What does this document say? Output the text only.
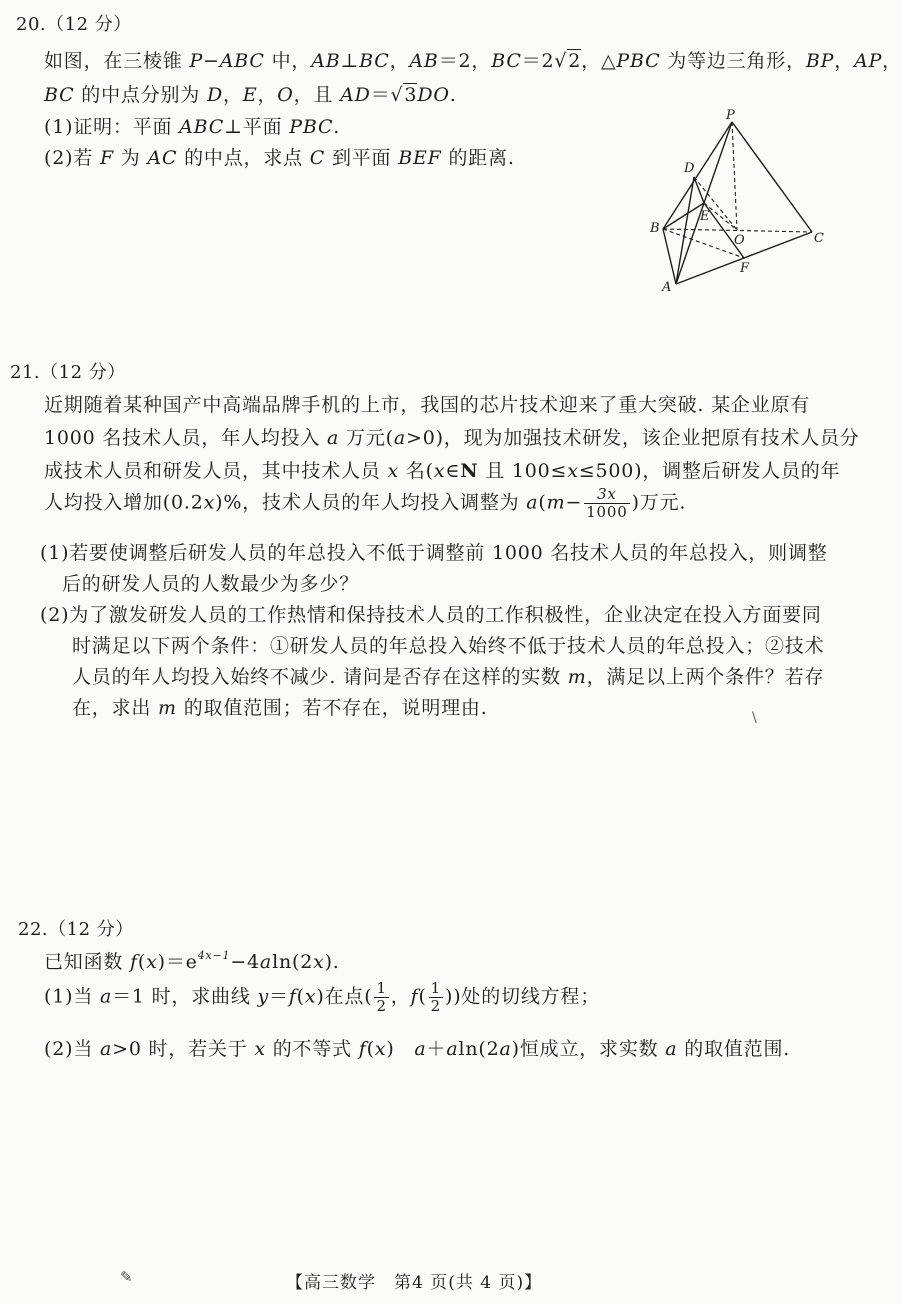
20.（12 分）
如图，在三棱锥 P−ABC 中，AB⊥BC，AB＝2，BC＝2√2，△PBC 为等边三角形，BP，AP，
BC 的中点分别为 D，E，O，且 AD＝√3DO.
(1)证明：平面 ABC⊥平面 PBC.
(2)若 F 为 AC 的中点，求点 C 到平面 BEF 的距离.
P
D
B
E
O	C
F
A
21.（12 分）
近期随着某种国产中高端品牌手机的上市，我国的芯片技术迎来了重大突破. 某企业原有
1000 名技术人员，年人均投入 a 万元(a>0)，现为加强技术研发，该企业把原有技术人员分
成技术人员和研发人员，其中技术人员 x 名(x∈N 且 100≤x≤500)，调整后研发人员的年
人均投入增加(0.2x)%，技术人员的年人均投入调整为 $a(m- \frac{3x}{1000}$ )万元.
(1)若要使调整后研发人员的年总投入不低于调整前 1000 名技术人员的年总投入，则调整
后的研发人员的人数最少为多少？
(2)为了激发研发人员的工作热情和保持技术人员的工作积极性，企业决定在投入方面要同
时满足以下两个条件：①研发人员的年总投入始终不低于技术人员的年总投入；②技术
人员的年人均投入始终不减少. 请问是否存在这样的实数 m，满足以上两个条件？若存
在，求出 m 的取值范围；若不存在，说明理由.	\
22.（12 分）
已知函数 $f(x)=e^{4x-1}-4aln(2x)$.
(1)当 a＝1 时，求曲线 y＝f(x)在点( $\frac{1}{2}$ ，$f( \frac{1}{2}$ ))处的切线方程；
(2)当 a>0 时，若关于 x 的不等式 f(x)　a＋aln(2a)恒成立，求实数 a 的取值范围.
✎	【高三数学　第4 页(共 4 页)】
